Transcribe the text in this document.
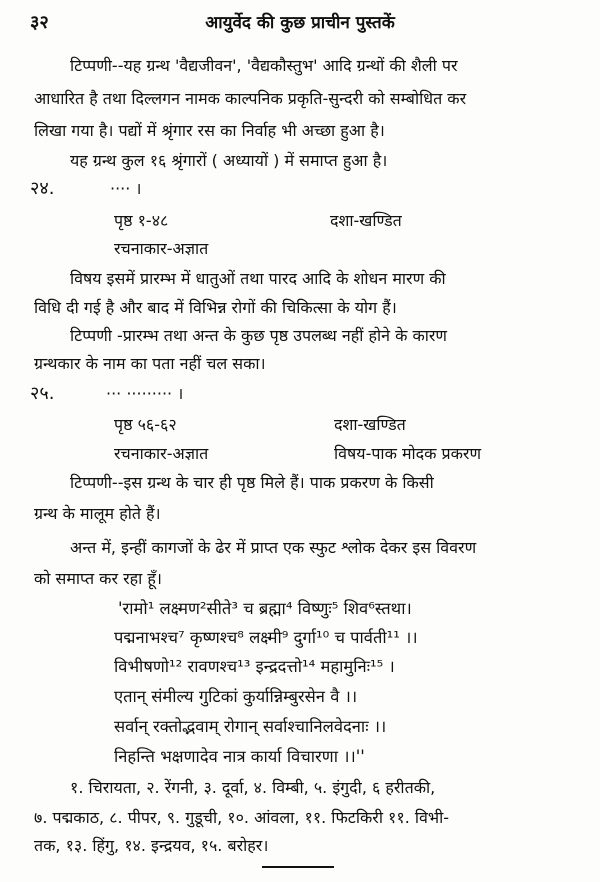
३२	आयुर्वेद की कुछ प्राचीन पुस्तकें
टिप्पणी--यह ग्रन्थ 'वैद्यजीवन', 'वैद्यकौस्तुभ' आदि ग्रन्थों की शैली पर
आधारित है तथा दिल्लगन नामक काल्पनिक प्रकृति-सुन्दरी को सम्बोधित कर
लिखा गया है। पद्यों में श्रृंगार रस का निर्वाह भी अच्छा हुआ है।
यह ग्रन्थ कुल १६ श्रृंगारों ( अध्यायों ) में समाप्त हुआ है।
२४.	···· ।
पृष्ठ १-४८	दशा-खण्डित
रचनाकार-अज्ञात
विषय इसमें प्रारम्भ में धातुओं तथा पारद आदि के शोधन मारण की
विधि दी गई है और बाद में विभिन्न रोगों की चिकित्सा के योग हैं।
टिप्पणी -प्रारम्भ तथा अन्त के कुछ पृष्ठ उपलब्ध नहीं होने के कारण
ग्रन्थकार के नाम का पता नहीं चल सका।
२५.	··· ········· ।
पृष्ठ ५६-६२	दशा-खण्डित
रचनाकार-अज्ञात	विषय-पाक मोदक प्रकरण
टिप्पणी--इस ग्रन्थ के चार ही पृष्ठ मिले हैं। पाक प्रकरण के किसी
ग्रन्थ के मालूम होते हैं।
अन्त में, इन्हीं कागजों के ढेर में प्राप्त एक स्फुट श्लोक देकर इस विवरण
को समाप्त कर रहा हूँ।
'रामो¹ लक्ष्मण²सीते³ च ब्रह्मा⁴ विष्णुः⁵ शिव⁶स्तथा।
पद्मनाभश्च⁷ कृष्णश्च⁸ लक्ष्मी⁹ दुर्गा¹⁰ च पार्वती¹¹ ।।
विभीषणो¹² रावणश्च¹³ इन्द्रदत्तो¹⁴ महामुनिः¹⁵ ।
एतान् संमील्य गुटिकां कुर्यान्निम्बुरसेन वै ।।
सर्वान् रक्तोद्भवाम् रोगान् सर्वाश्चानिलवेदनाः ।।
निहन्ति भक्षणादेव नात्र कार्या विचारणा ।।''
१. चिरायता, २. रेंगनी, ३. दूर्वा, ४. विम्बी, ५. इंगुदी, ६ हरीतकी,
७. पद्मकाठ, ८. पीपर, ९. गुडूची, १०. आंवला, ११. फिटकिरी ११. विभी-
तक, १३. हिंगु, १४. इन्द्रयव, १५. बरोहर।
